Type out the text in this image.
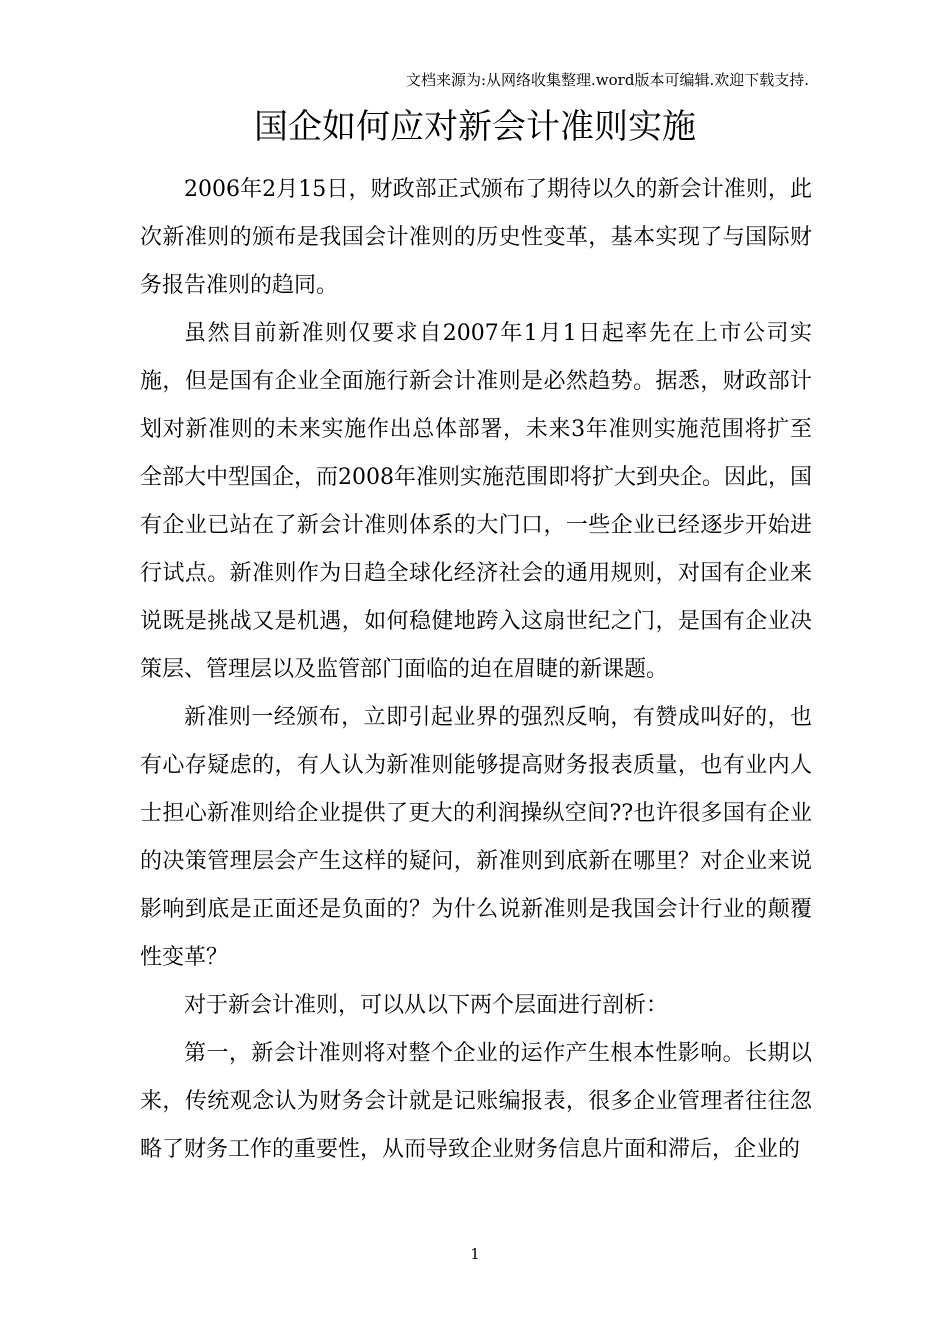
文档来源为:从网络收集整理.word版本可编辑.欢迎下载支持.
国企如何应对新会计准则实施

2006年2月15日，财政部正式颁布了期待以久的新会计准则，此次新准则的颁布是我国会计准则的历史性变革，基本实现了与国际财务报告准则的趋同。

虽然目前新准则仅要求自2007年1月1日起率先在上市公司实施，但是国有企业全面施行新会计准则是必然趋势。据悉，财政部计划对新准则的未来实施作出总体部署，未来3年准则实施范围将扩至全部大中型国企，而2008年准则实施范围即将扩大到央企。因此，国有企业已站在了新会计准则体系的大门口，一些企业已经逐步开始进行试点。新准则作为日趋全球化经济社会的通用规则，对国有企业来说既是挑战又是机遇，如何稳健地跨入这扇世纪之门，是国有企业决策层、管理层以及监管部门面临的迫在眉睫的新课题。

新准则一经颁布，立即引起业界的强烈反响，有赞成叫好的，也有心存疑虑的，有人认为新准则能够提高财务报表质量，也有业内人士担心新准则给企业提供了更大的利润操纵空间??也许很多国有企业的决策管理层会产生这样的疑问，新准则到底新在哪里？对企业来说影响到底是正面还是负面的？为什么说新准则是我国会计行业的颠覆性变革？

对于新会计准则，可以从以下两个层面进行剖析：

第一，新会计准则将对整个企业的运作产生根本性影响。长期以来，传统观念认为财务会计就是记账编报表，很多企业管理者往往忽略了财务工作的重要性，从而导致企业财务信息片面和滞后，企业的

1
